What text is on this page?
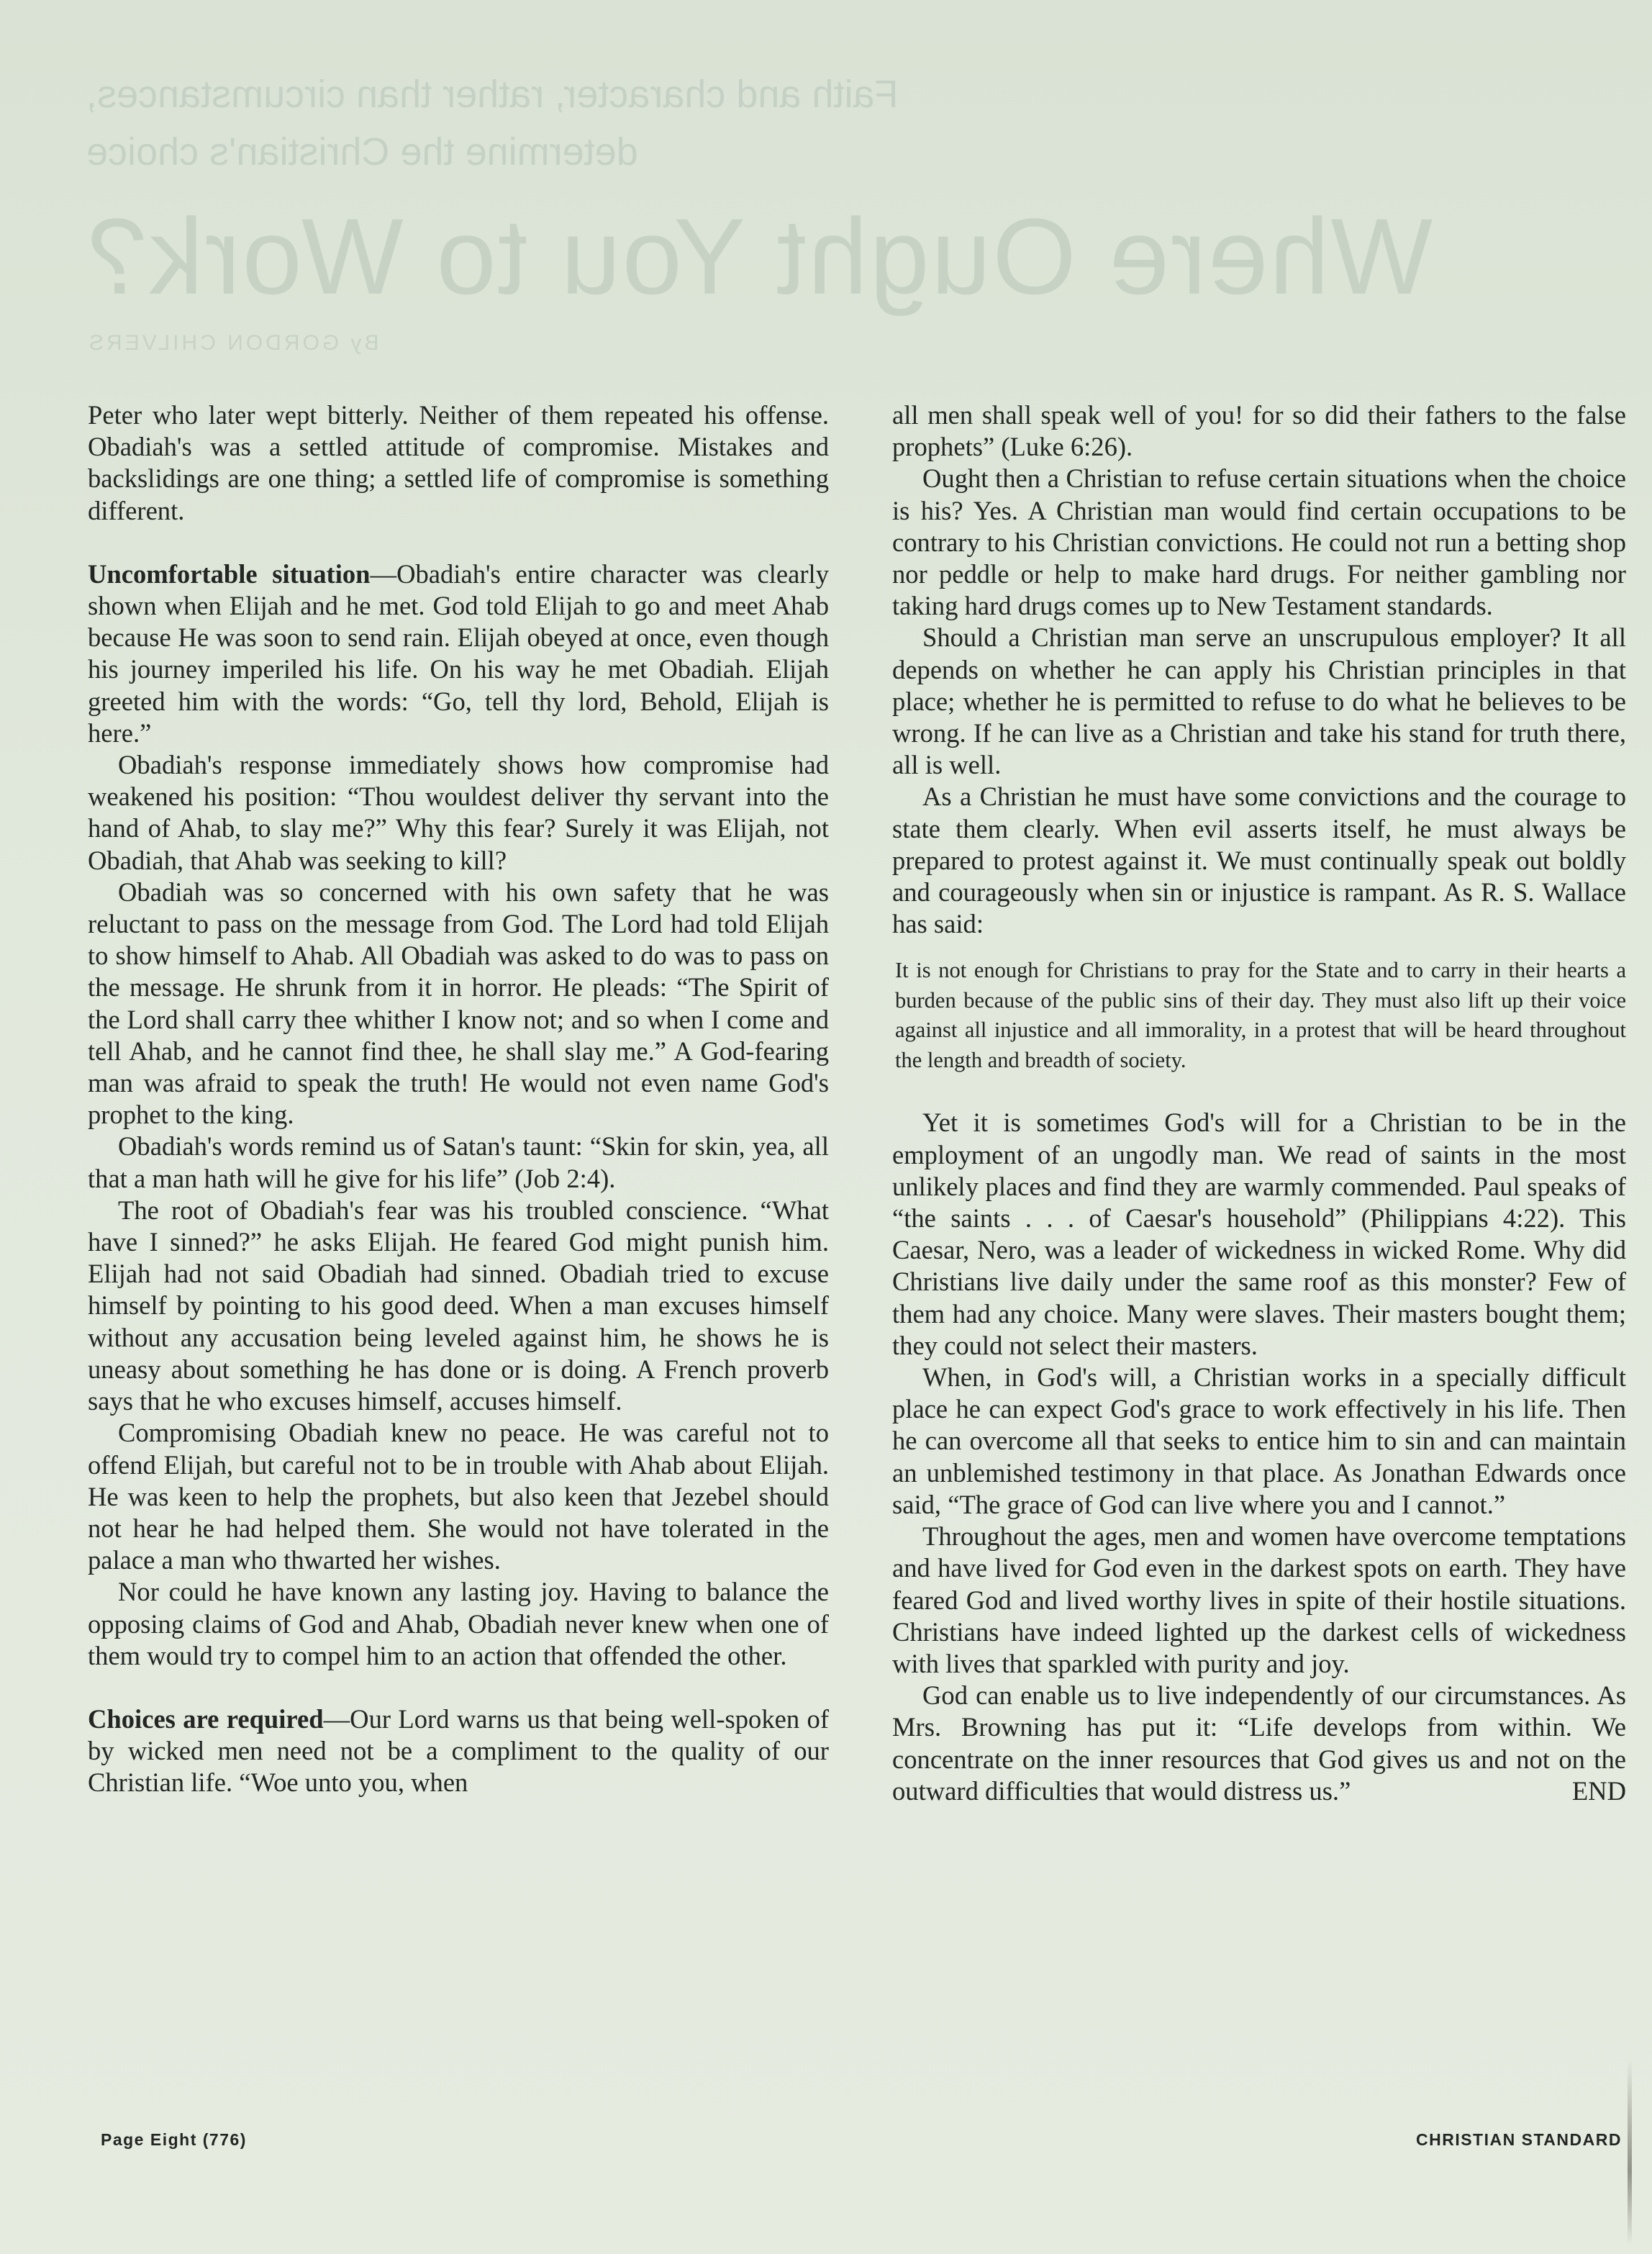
Faith and character, rather than circumstances,
determine the Christian's choice
Where Ought You to Work?
By GORDON CHILVERS

Peter who later wept bitterly. Neither of them repeated his offense. Obadiah's was a settled attitude of compromise. Mistakes and backslidings are one thing; a settled life of compromise is something different.

Uncomfortable situation—Obadiah's entire character was clearly shown when Elijah and he met. God told Elijah to go and meet Ahab because He was soon to send rain. Elijah obeyed at once, even though his journey imperiled his life. On his way he met Obadiah. Elijah greeted him with the words: “Go, tell thy lord, Behold, Elijah is here.”

Obadiah's response immediately shows how compromise had weakened his position: “Thou wouldest deliver thy servant into the hand of Ahab, to slay me?” Why this fear? Surely it was Elijah, not Obadiah, that Ahab was seeking to kill?

Obadiah was so concerned with his own safety that he was reluctant to pass on the message from God. The Lord had told Elijah to show himself to Ahab. All Obadiah was asked to do was to pass on the message. He shrunk from it in horror. He pleads: “The Spirit of the Lord shall carry thee whither I know not; and so when I come and tell Ahab, and he cannot find thee, he shall slay me.” A God-fearing man was afraid to speak the truth! He would not even name God's prophet to the king.

Obadiah's words remind us of Satan's taunt: “Skin for skin, yea, all that a man hath will he give for his life” (Job 2:4).

The root of Obadiah's fear was his troubled conscience. “What have I sinned?” he asks Elijah. He feared God might punish him. Elijah had not said Obadiah had sinned. Obadiah tried to excuse himself by pointing to his good deed. When a man excuses himself without any accusation being leveled against him, he shows he is uneasy about something he has done or is doing. A French proverb says that he who excuses himself, accuses himself.

Compromising Obadiah knew no peace. He was careful not to offend Elijah, but careful not to be in trouble with Ahab about Elijah. He was keen to help the prophets, but also keen that Jezebel should not hear he had helped them. She would not have tolerated in the palace a man who thwarted her wishes.

Nor could he have known any lasting joy. Having to balance the opposing claims of God and Ahab, Obadiah never knew when one of them would try to compel him to an action that offended the other.

Choices are required—Our Lord warns us that being well-spoken of by wicked men need not be a compliment to the quality of our Christian life. “Woe unto you, when

all men shall speak well of you! for so did their fathers to the false prophets” (Luke 6:26).

Ought then a Christian to refuse certain situations when the choice is his? Yes. A Christian man would find certain occupations to be contrary to his Christian convictions. He could not run a betting shop nor peddle or help to make hard drugs. For neither gambling nor taking hard drugs comes up to New Testament standards.

Should a Christian man serve an unscrupulous employer? It all depends on whether he can apply his Christian principles in that place; whether he is permitted to refuse to do what he believes to be wrong. If he can live as a Christian and take his stand for truth there, all is well.

As a Christian he must have some convictions and the courage to state them clearly. When evil asserts itself, he must always be prepared to protest against it. We must continually speak out boldly and courageously when sin or injustice is rampant. As R. S. Wallace has said:

It is not enough for Christians to pray for the State and to carry in their hearts a burden because of the public sins of their day. They must also lift up their voice against all injustice and all immorality, in a protest that will be heard throughout the length and breadth of society.

Yet it is sometimes God's will for a Christian to be in the employment of an ungodly man. We read of saints in the most unlikely places and find they are warmly commended. Paul speaks of “the saints . . . of Caesar's household” (Philippians 4:22). This Caesar, Nero, was a leader of wickedness in wicked Rome. Why did Christians live daily under the same roof as this monster? Few of them had any choice. Many were slaves. Their masters bought them; they could not select their masters.

When, in God's will, a Christian works in a specially difficult place he can expect God's grace to work effectively in his life. Then he can overcome all that seeks to entice him to sin and can maintain an unblemished testimony in that place. As Jonathan Edwards once said, “The grace of God can live where you and I cannot.”

Throughout the ages, men and women have overcome temptations and have lived for God even in the darkest spots on earth. They have feared God and lived worthy lives in spite of their hostile situations. Christians have indeed lighted up the darkest cells of wickedness with lives that sparkled with purity and joy.

God can enable us to live independently of our circumstances. As Mrs. Browning has put it: “Life develops from within. We concentrate on the inner resources that God gives us and not on the outward difficulties that would distress us.”	END

Page Eight (776)	CHRISTIAN STANDARD
